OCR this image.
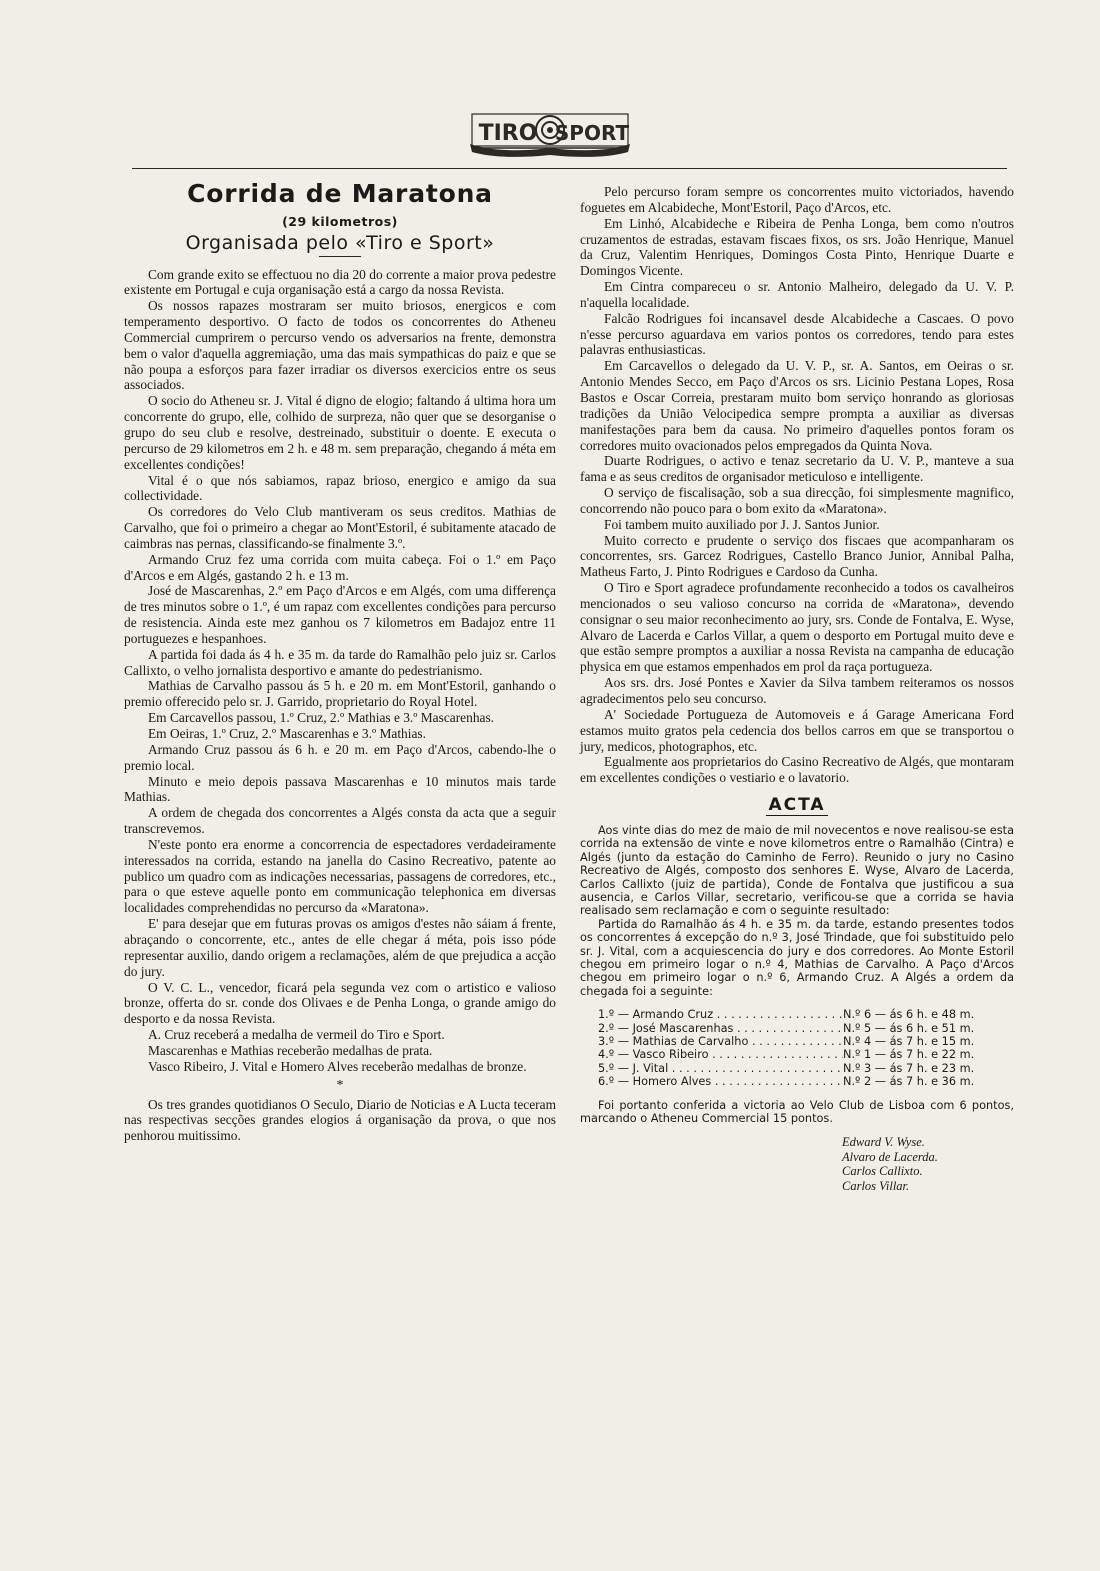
TIRO SPORT
Corrida de Maratona
(29 kilometros)
Organisada pelo «Tiro e Sport»

Com grande exito se effectuou no dia 20 do corrente a maior prova pedestre existente em Portugal e cuja organisação está a cargo da nossa Revista.

Os nossos rapazes mostraram ser muito briosos, energicos e com temperamento desportivo. O facto de todos os concorrentes do Atheneu Commercial cumprirem o percurso vendo os adversarios na frente, demonstra bem o valor d'aquella aggremiação, uma das mais sympathicas do paiz e que se não poupa a esforços para fazer irradiar os diversos exercicios entre os seus associados.

O socio do Atheneu sr. J. Vital é digno de elogio; faltando á ultima hora um concorrente do grupo, elle, colhido de surpreza, não quer que se desorganise o grupo do seu club e resolve, destreinado, substituir o doente. E executa o percurso de 29 kilometros em 2 h. e 48 m. sem preparação, chegando á méta em excellentes condições!

Vital é o que nós sabiamos, rapaz brioso, energico e amigo da sua collectividade.

Os corredores do Velo Club mantiveram os seus creditos. Mathias de Carvalho, que foi o primeiro a chegar ao Mont'Estoril, é subitamente atacado de caimbras nas pernas, classificando-se finalmente 3.º.

Armando Cruz fez uma corrida com muita cabeça. Foi o 1.º em Paço d'Arcos e em Algés, gastando 2 h. e 13 m.

José de Mascarenhas, 2.º em Paço d'Arcos e em Algés, com uma differença de tres minutos sobre o 1.º, é um rapaz com excellentes condições para percurso de resistencia. Ainda este mez ganhou os 7 kilometros em Badajoz entre 11 portuguezes e hespanhoes.

A partida foi dada ás 4 h. e 35 m. da tarde do Ramalhão pelo juiz sr. Carlos Callixto, o velho jornalista desportivo e amante do pedestrianismo.

Mathias de Carvalho passou ás 5 h. e 20 m. em Mont'Estoril, ganhando o premio offerecido pelo sr. J. Garrido, proprietario do Royal Hotel.

Em Carcavellos passou, 1.º Cruz, 2.º Mathias e 3.º Mascarenhas.

Em Oeiras, 1.º Cruz, 2.º Mascarenhas e 3.º Mathias.

Armando Cruz passou ás 6 h. e 20 m. em Paço d'Arcos, cabendo-lhe o premio local.

Minuto e meio depois passava Mascarenhas e 10 minutos mais tarde Mathias.

A ordem de chegada dos concorrentes a Algés consta da acta que a seguir transcrevemos.

N'este ponto era enorme a concorrencia de espectadores verdadeiramente interessados na corrida, estando na janella do Casino Recreativo, patente ao publico um quadro com as indicações necessarias, passagens de corredores, etc., para o que esteve aquelle ponto em communicação telephonica em diversas localidades comprehendidas no percurso da «Maratona».

E' para desejar que em futuras provas os amigos d'estes não sáiam á frente, abraçando o concorrente, etc., antes de elle chegar á méta, pois isso póde representar auxilio, dando origem a reclamações, além de que prejudica a acção do jury.

O V. C. L., vencedor, ficará pela segunda vez com o artistico e valioso bronze, offerta do sr. conde dos Olivaes e de Penha Longa, o grande amigo do desporto e da nossa Revista.

A. Cruz receberá a medalha de vermeil do Tiro e Sport.

Mascarenhas e Mathias receberão medalhas de prata.

Vasco Ribeiro, J. Vital e Homero Alves receberão medalhas de bronze.

*

Os tres grandes quotidianos O Seculo, Diario de Noticias e A Lucta teceram nas respectivas secções grandes elogios á organisação da prova, o que nos penhorou muitissimo.

Pelo percurso foram sempre os concorrentes muito victoriados, havendo foguetes em Alcabideche, Mont'Estoril, Paço d'Arcos, etc.

Em Linhó, Alcabideche e Ribeira de Penha Longa, bem como n'outros cruzamentos de estradas, estavam fiscaes fixos, os srs. João Henrique, Manuel da Cruz, Valentim Henriques, Domingos Costa Pinto, Henrique Duarte e Domingos Vicente.

Em Cintra compareceu o sr. Antonio Malheiro, delegado da U. V. P. n'aquella localidade.

Falcão Rodrigues foi incansavel desde Alcabideche a Cascaes. O povo n'esse percurso aguardava em varios pontos os corredores, tendo para estes palavras enthusiasticas.

Em Carcavellos o delegado da U. V. P., sr. A. Santos, em Oeiras o sr. Antonio Mendes Secco, em Paço d'Arcos os srs. Licinio Pestana Lopes, Rosa Bastos e Oscar Correia, prestaram muito bom serviço honrando as gloriosas tradições da União Velocipedica sempre prompta a auxiliar as diversas manifestações para bem da causa. No primeiro d'aquelles pontos foram os corredores muito ovacionados pelos empregados da Quinta Nova.

Duarte Rodrigues, o activo e tenaz secretario da U. V. P., manteve a sua fama e as seus creditos de organisador meticuloso e intelligente.

O serviço de fiscalisação, sob a sua direcção, foi simplesmente magnifico, concorrendo não pouco para o bom exito da «Maratona».

Foi tambem muito auxiliado por J. J. Santos Junior.

Muito correcto e prudente o serviço dos fiscaes que acompanharam os concorrentes, srs. Garcez Rodrigues, Castello Branco Junior, Annibal Palha, Matheus Farto, J. Pinto Rodrigues e Cardoso da Cunha.

O Tiro e Sport agradece profundamente reconhecido a todos os cavalheiros mencionados o seu valioso concurso na corrida de «Maratona», devendo consignar o seu maior reconhecimento ao jury, srs. Conde de Fontalva, E. Wyse, Alvaro de Lacerda e Carlos Villar, a quem o desporto em Portugal muito deve e que estão sempre promptos a auxiliar a nossa Revista na campanha de educação physica em que estamos empenhados em prol da raça portugueza.

Aos srs. drs. José Pontes e Xavier da Silva tambem reiteramos os nossos agradecimentos pelo seu concurso.

A' Sociedade Portugueza de Automoveis e á Garage Americana Ford estamos muito gratos pela cedencia dos bellos carros em que se transportou o jury, medicos, photographos, etc.

Egualmente aos proprietarios do Casino Recreativo de Algés, que montaram em excellentes condições o vestiario e o lavatorio.

ACTA

Aos vinte dias do mez de maio de mil novecentos e nove realisou-se esta corrida na extensão de vinte e nove kilometros entre o Ramalhão (Cintra) e Algés (junto da estação do Caminho de Ferro). Reunido o jury no Casino Recreativo de Algés, composto dos senhores E. Wyse, Alvaro de Lacerda, Carlos Callixto (juiz de partida), Conde de Fontalva que justificou a sua ausencia, e Carlos Villar, secretario, verificou-se que a corrida se havia realisado sem reclamação e com o seguinte resultado:

Partida do Ramalhão ás 4 h. e 35 m. da tarde, estando presentes todos os concorrentes á excepção do n.º 3, José Trindade, que foi substituido pelo sr. J. Vital, com a acquiescencia do jury e dos corredores. Ao Monte Estoril chegou em primeiro logar o n.º 4, Mathias de Carvalho. A Paço d'Arcos chegou em primeiro logar o n.º 6, Armando Cruz. A Algés a ordem da chegada foi a seguinte:

1.º — Armando Cruz . . .	N.º 6 — ás 6 h. e 48 m.
2.º — José Mascarenhas . . .	N.º 5 — ás 6 h. e 51 m.
3.º — Mathias de Carvalho . . .	N.º 4 — ás 7 h. e 15 m.
4.º — Vasco Ribeiro . . .	N.º 1 — ás 7 h. e 22 m.
5.º — J. Vital . . .	N.º 3 — ás 7 h. e 23 m.
6.º — Homero Alves . . .	N.º 2 — ás 7 h. e 36 m.

Foi portanto conferida a victoria ao Velo Club de Lisboa com 6 pontos, marcando o Atheneu Commercial 15 pontos.

Edward V. Wyse.
Alvaro de Lacerda.
Carlos Callixto.
Carlos Villar.
